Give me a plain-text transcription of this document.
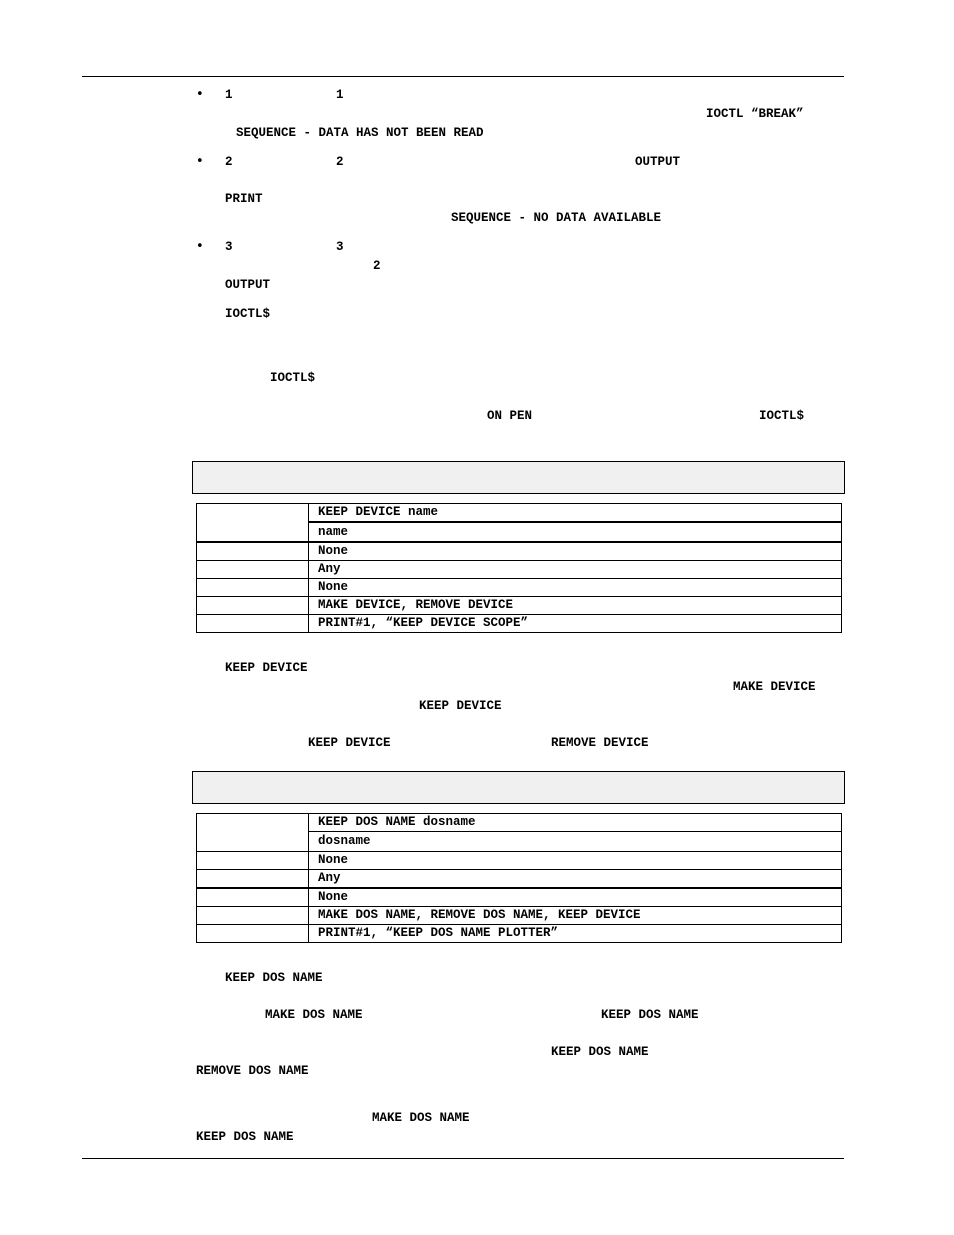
• 1	1
IOCTL “BREAK”
SEQUENCE - DATA HAS NOT BEEN READ
• 2	2	OUTPUT
PRINT
SEQUENCE - NO DATA AVAILABLE
• 3	3
2
OUTPUT
IOCTL$
IOCTL$
ON PEN	IOCTL$
KEEP DEVICE name
name
None
Any
None
MAKE DEVICE, REMOVE DEVICE
PRINT#1, “KEEP DEVICE SCOPE”
KEEP DEVICE
MAKE DEVICE
KEEP DEVICE
KEEP DEVICE	REMOVE DEVICE
KEEP DOS NAME dosname
dosname
None
Any
None
MAKE DOS NAME, REMOVE DOS NAME, KEEP DEVICE
PRINT#1, “KEEP DOS NAME PLOTTER”
KEEP DOS NAME
MAKE DOS NAME	KEEP DOS NAME
KEEP DOS NAME
REMOVE DOS NAME
MAKE DOS NAME
KEEP DOS NAME
